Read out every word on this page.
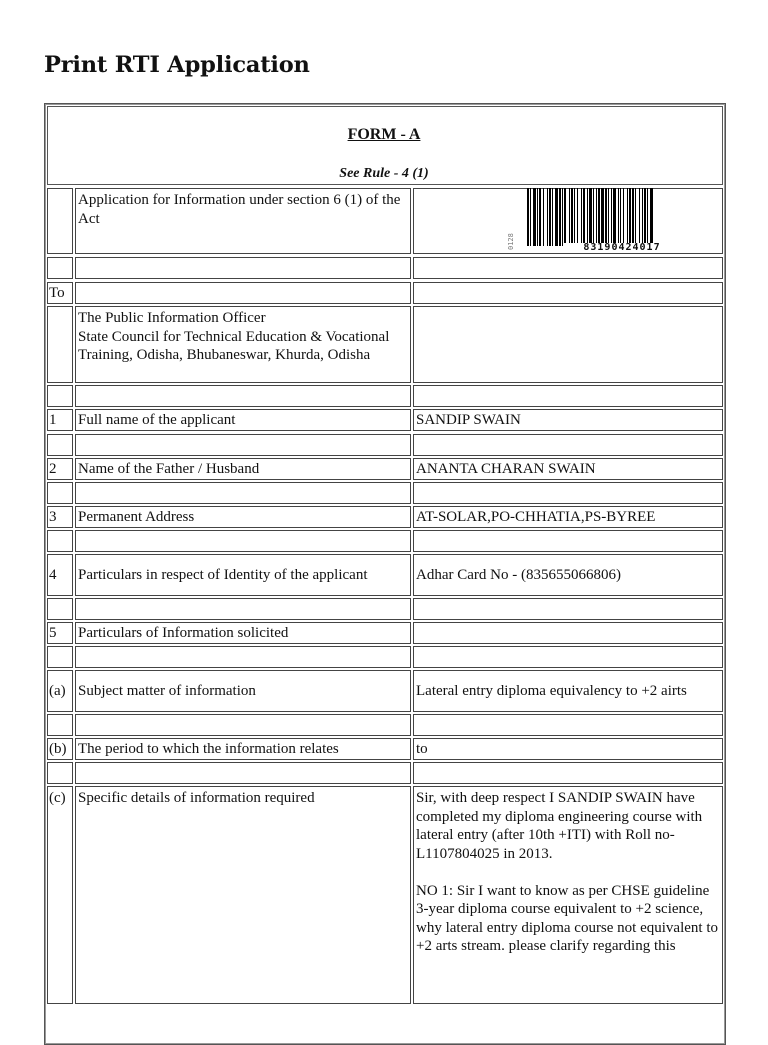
Print RTI Application
FORM - A
See Rule - 4 (1)
Application for Information under section 6 (1) of the Act
To
The Public Information Officer
State Council for Technical Education & Vocational Training, Odisha, Bhubaneswar, Khurda, Odisha
1 Full name of the applicant	SANDIP SWAIN
2 Name of the Father / Husband	ANANTA CHARAN SWAIN
3 Permanent Address	AT-SOLAR,PO-CHHATIA,PS-BYREE
4 Particulars in respect of Identity of the applicant	Adhar Card No - (835655066806)
5 Particulars of Information solicited
(a) Subject matter of information	Lateral entry diploma equivalency to +2 airts
(b) The period to which the information relates	to
(c) Specific details of information required	Sir, with deep respect I SANDIP SWAIN have completed my diploma engineering course with lateral entry (after 10th +ITI) with Roll no-L1107804025 in 2013.

NO 1: Sir I want to know as per CHSE guideline 3-year diploma course equivalent to +2 science, why lateral entry diploma course not equivalent to +2 arts stream. please clarify regarding this
0128	83190424017
